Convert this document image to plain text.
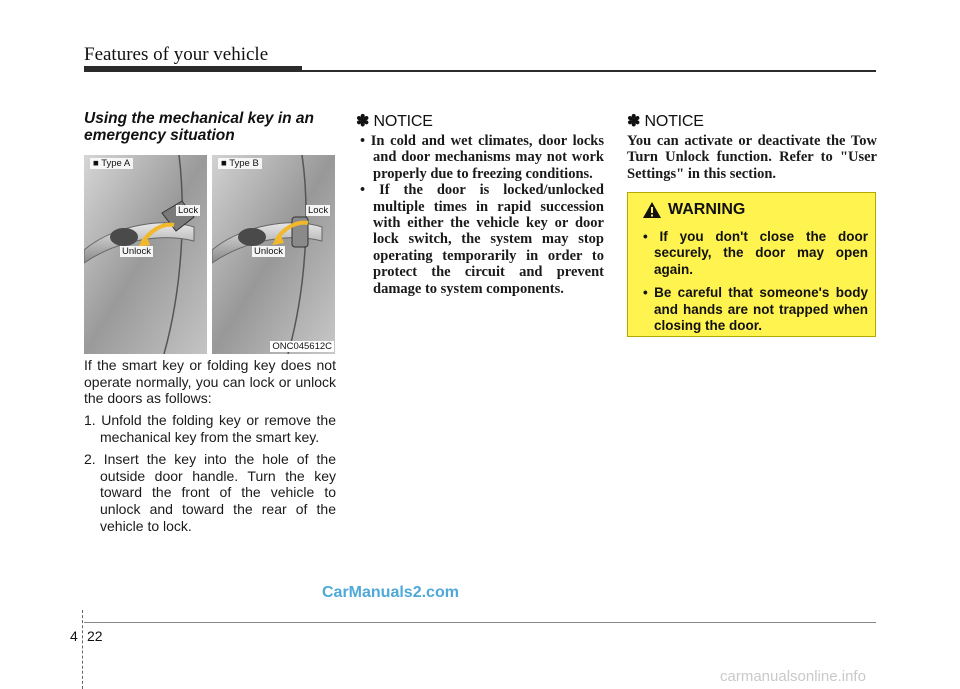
Features of your vehicle
Using the mechanical key in an emergency situation
■ Type A
Lock
Unlock
■ Type B
Lock
Unlock
ONC045612C
If the smart key or folding key does not operate normally, you can lock or unlock the doors as follows:
1. Unfold the folding key or remove the mechanical key from the smart key.
2. Insert the key into the hole of the outside door handle. Turn the key toward the front of the vehicle to unlock and toward the rear of the vehicle to lock.
✽ NOTICE
• In cold and wet climates, door locks and door mechanisms may not work properly due to freezing conditions.
• If the door is locked/unlocked multiple times in rapid succession with either the vehicle key or door lock switch, the system may stop operating temporarily in order to protect the circuit and prevent damage to system components.
✽ NOTICE
You can activate or deactivate the Tow Turn Unlock function. Refer to "User Settings" in this section.
WARNING
• If you don't close the door securely, the door may open again.
• Be careful that someone's body and hands are not trapped when closing the door.
CarManuals2.com
4 22
carmanualsonline.info
